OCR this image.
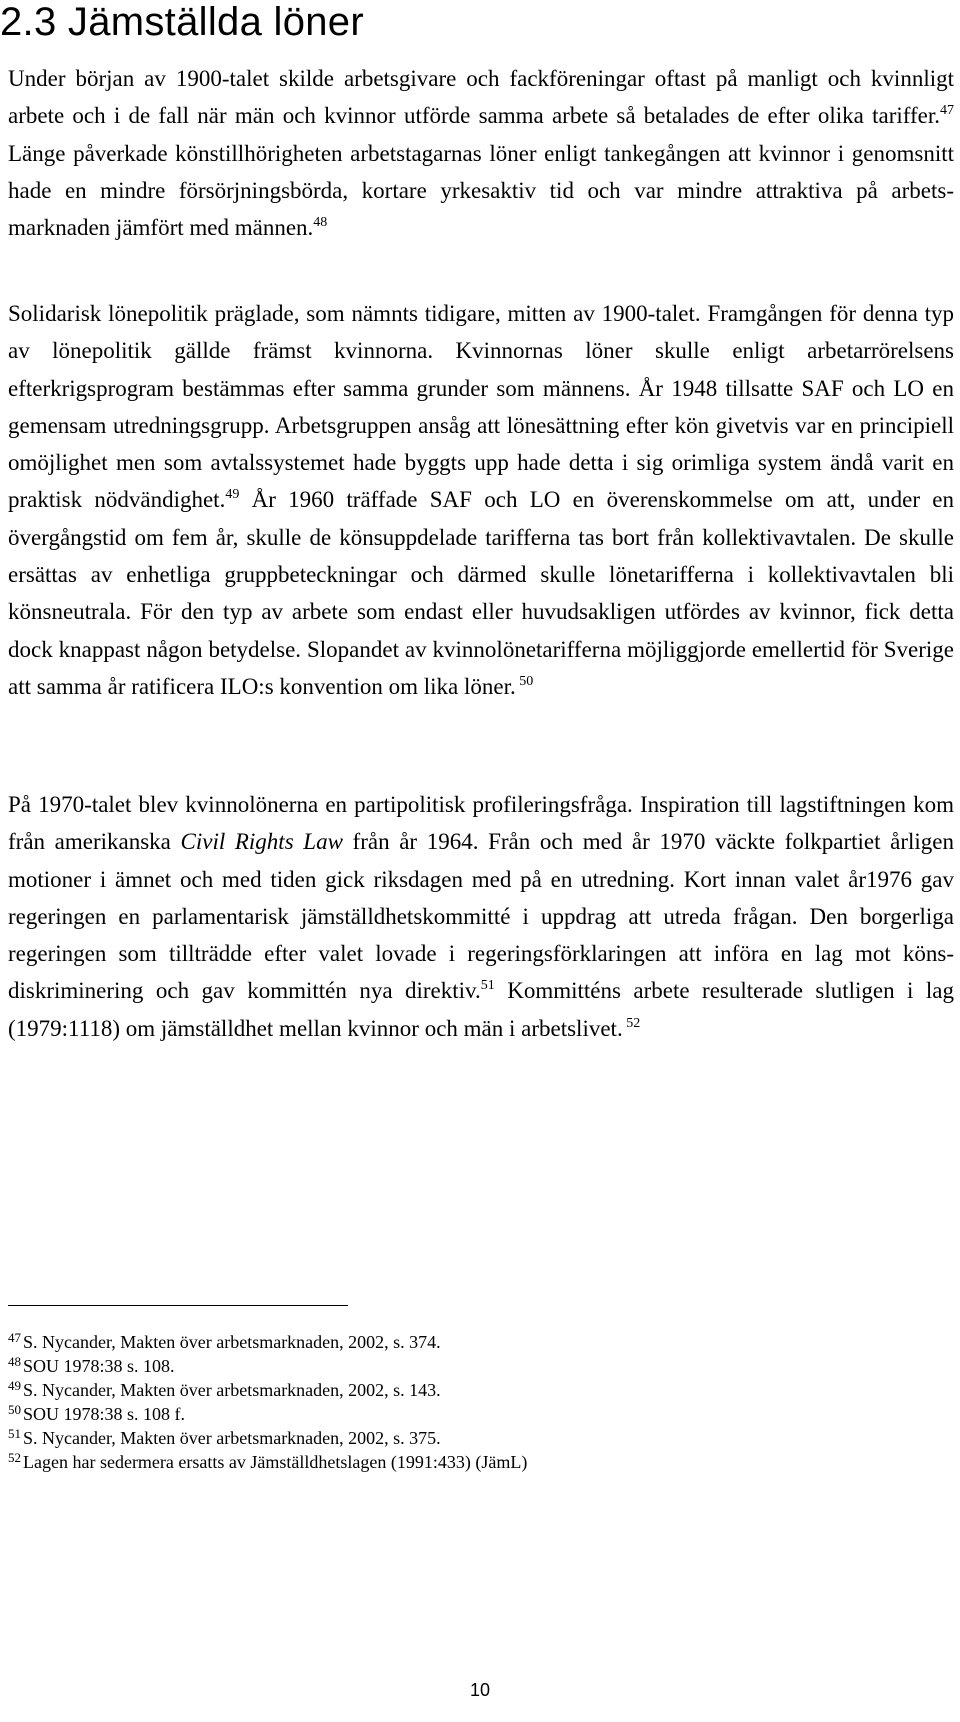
2.3 Jämställda löner

Under början av 1900-talet skilde arbetsgivare och fackföreningar oftast på manligt och kvinnligt arbete och i de fall när män och kvinnor utförde samma arbete så betalades de efter olika tariffer.$^{47}$ Länge påverkade könstillhörigheten arbetstagarnas löner enligt tankegången att kvinnor i genomsnitt hade en mindre försörjningsbörda, kortare yrkesaktiv tid och var mindre attraktiva på arbetsmarknaden jämfört med männen.$^{48}$

Solidarisk lönepolitik präglade, som nämnts tidigare, mitten av 1900-talet. Framgången för denna typ av lönepolitik gällde främst kvinnorna. Kvinnornas löner skulle enligt arbetarrörelsens efterkrigsprogram bestämmas efter samma grunder som männens. År 1948 tillsatte SAF och LO en gemensam utredningsgrupp. Arbetsgruppen ansåg att lönesättning efter kön givetvis var en principiell omöjlighet men som avtalssystemet hade byggts upp hade detta i sig orimliga system ändå varit en praktisk nödvändighet.$^{49}$ År 1960 träffade SAF och LO en överenskommelse om att, under en övergångstid om fem år, skulle de könsuppdelade tarifferna tas bort från kollektivavtalen. De skulle ersättas av enhetliga gruppbeteckningar och därmed skulle lönetarifferna i kollektivavtalen bli könsneutrala. För den typ av arbete som endast eller huvudsakligen utfördes av kvinnor, fick detta dock knappast någon betydelse. Slopandet av kvinnolönetarifferna möjliggjorde emellertid för Sverige att samma år ratificera ILO:s konvention om lika löner. $^{50}$

På 1970-talet blev kvinnolönerna en partipolitisk profileringsfråga. Inspiration till lagstiftningen kom från amerikanska Civil Rights Law från år 1964. Från och med år 1970 väckte folkpartiet årligen motioner i ämnet och med tiden gick riksdagen med på en utredning. Kort innan valet år1976 gav regeringen en parlamentarisk jämställdhetskommitté i uppdrag att utreda frågan. Den borgerliga regeringen som tillträdde efter valet lovade i regeringsförklaringen att införa en lag mot könsdiskriminering och gav kommittén nya direktiv.$^{51}$ Kommitténs arbete resulterade slutligen i lag (1979:1118) om jämställdhet mellan kvinnor och män i arbetslivet. $^{52}$

$^{47}$ S. Nycander, Makten över arbetsmarknaden, 2002, s. 374.
$^{48}$ SOU 1978:38 s. 108.
$^{49}$ S. Nycander, Makten över arbetsmarknaden, 2002, s. 143.
$^{50}$ SOU 1978:38 s. 108 f.
$^{51}$ S. Nycander, Makten över arbetsmarknaden, 2002, s. 375.
$^{52}$ Lagen har sedermera ersatts av Jämställdhetslagen (1991:433) (JämL)
10
